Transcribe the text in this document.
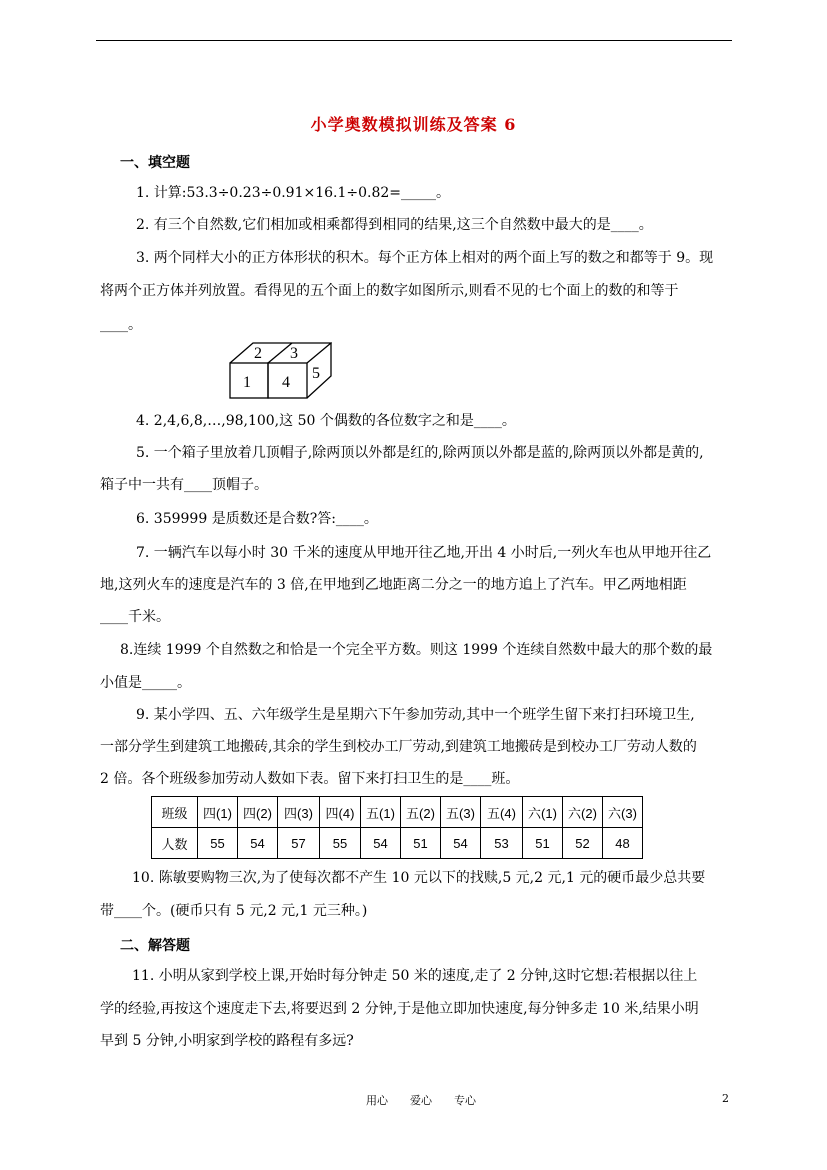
小学奥数模拟训练及答案 6
一、填空题
1. 计算:53.3÷0.23÷0.91×16.1÷0.82=_____。
2. 有三个自然数,它们相加或相乘都得到相同的结果,这三个自然数中最大的是____。
3. 两个同样大小的正方体形状的积木。每个正方体上相对的两个面上写的数之和都等于 9。现
将两个正方体并列放置。看得见的五个面上的数字如图所示,则看不见的七个面上的数的和等于
____。
2 3
1 4
5
4. 2,4,6,8,…,98,100,这 50 个偶数的各位数字之和是____。
5. 一个箱子里放着几顶帽子,除两顶以外都是红的,除两顶以外都是蓝的,除两顶以外都是黄的,
箱子中一共有____顶帽子。
6. 359999 是质数还是合数?答:____。
7. 一辆汽车以每小时 30 千米的速度从甲地开往乙地,开出 4 小时后,一列火车也从甲地开往乙
地,这列火车的速度是汽车的 3 倍,在甲地到乙地距离二分之一的地方追上了汽车。甲乙两地相距
____千米。
8.连续 1999 个自然数之和恰是一个完全平方数。则这 1999 个连续自然数中最大的那个数的最
小值是_____。
9. 某小学四、五、六年级学生是星期六下午参加劳动,其中一个班学生留下来打扫环境卫生,
一部分学生到建筑工地搬砖,其余的学生到校办工厂劳动,到建筑工地搬砖是到校办工厂劳动人数的
2 倍。各个班级参加劳动人数如下表。留下来打扫卫生的是____班。
班级	四(1)	四(2)	四(3)	四(4)	五(1)	五(2)	五(3)	五(4)	六(1)	六(2)	六(3)
人数	55	54	57	55	54	51	54	53	51	52	48
10. 陈敏要购物三次,为了使每次都不产生 10 元以下的找赎,5 元,2 元,1 元的硬币最少总共要
带____个。(硬币只有 5 元,2 元,1 元三种。)
二、解答题
11. 小明从家到学校上课,开始时每分钟走 50 米的速度,走了 2 分钟,这时它想:若根据以往上
学的经验,再按这个速度走下去,将要迟到 2 分钟,于是他立即加快速度,每分钟多走 10 米,结果小明
早到 5 分钟,小明家到学校的路程有多远?
用心　　爱心　　专心	2
